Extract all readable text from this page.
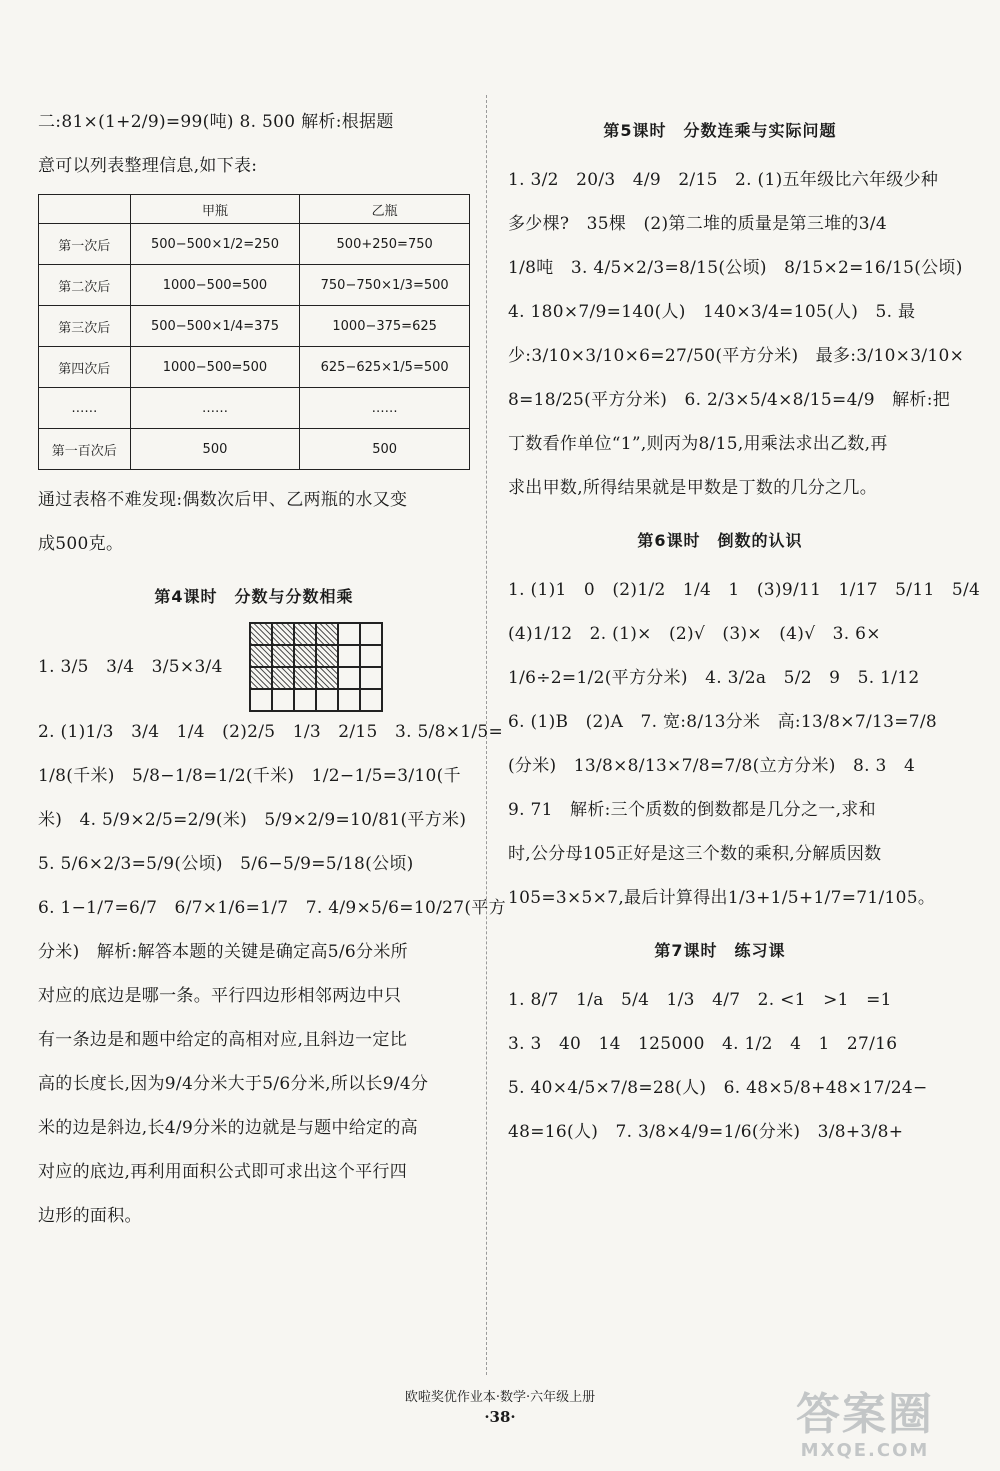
二:81×(1+2/9)=99(吨) 8. 500 解析:根据题
意可以列表整理信息,如下表:
	甲瓶	乙瓶
第一次后	500−500×1/2=250	500+250=750
第二次后	1000−500=500	750−750×1/3=500
第三次后	500−500×1/4=375	1000−375=625
第四次后	1000−500=500	625−625×1/5=500
……	……	……
第一百次后	500	500
通过表格不难发现:偶数次后甲、乙两瓶的水又变
成500克。
第4课时　分数与分数相乘
1. 3/5　3/4　3/5×3/4
2. (1)1/3　3/4　1/4　(2)2/5　1/3　2/15　3. 5/8×1/5=
1/8(千米)　5/8−1/8=1/2(千米)　1/2−1/5=3/10(千
米)　4. 5/9×2/5=2/9(米)　5/9×2/9=10/81(平方米)
5. 5/6×2/3=5/9(公顷)　5/6−5/9=5/18(公顷)
6. 1−1/7=6/7　6/7×1/6=1/7　7. 4/9×5/6=10/27(平方
分米)　解析:解答本题的关键是确定高5/6分米所
对应的底边是哪一条。平行四边形相邻两边中只
有一条边是和题中给定的高相对应,且斜边一定比
高的长度长,因为9/4分米大于5/6分米,所以长9/4分
米的边是斜边,长4/9分米的边就是与题中给定的高
对应的底边,再利用面积公式即可求出这个平行四
边形的面积。
第5课时　分数连乘与实际问题
1. 3/2　20/3　4/9　2/15　2. (1)五年级比六年级少种
多少棵?　35棵　(2)第二堆的质量是第三堆的3/4
1/8吨　3. 4/5×2/3=8/15(公顷)　8/15×2=16/15(公顷)
4. 180×7/9=140(人)　140×3/4=105(人)　5. 最
少:3/10×3/10×6=27/50(平方分米)　最多:3/10×3/10×
8=18/25(平方分米)　6. 2/3×5/4×8/15=4/9　解析:把
丁数看作单位“1”,则丙为8/15,用乘法求出乙数,再
求出甲数,所得结果就是甲数是丁数的几分之几。
第6课时　倒数的认识
1. (1)1　0　(2)1/2　1/4　1　(3)9/11　1/17　5/11　5/4
(4)1/12　2. (1)×　(2)√　(3)×　(4)√　3. 6×
1/6÷2=1/2(平方分米)　4. 3/2a　5/2　9　5. 1/12
6. (1)B　(2)A　7. 宽:8/13分米　高:13/8×7/13=7/8
(分米)　13/8×8/13×7/8=7/8(立方分米)　8. 3　4
9. 71　解析:三个质数的倒数都是几分之一,求和
时,公分母105正好是这三个数的乘积,分解质因数
105=3×5×7,最后计算得出1/3+1/5+1/7=71/105。
第7课时　练习课
1. 8/7　1/a　5/4　1/3　4/7　2. <1　>1　=1
3. 3　40　14　125000　4. 1/2　4　1　27/16
5. 40×4/5×7/8=28(人)　6. 48×5/8+48×17/24−
48=16(人)　7. 3/8×4/9=1/6(分米)　3/8+3/8+
欧啦奖优作业本·数学·六年级上册
·38·	答案圈
MXQE.COM
